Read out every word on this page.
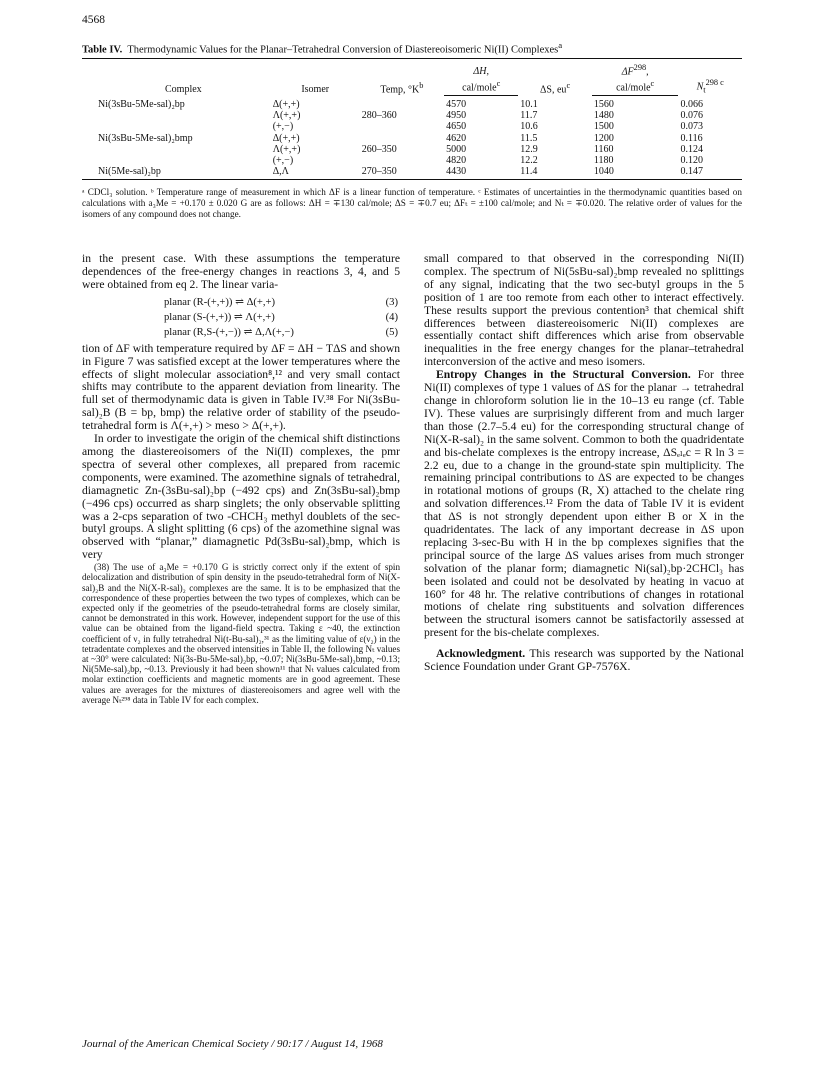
4568
Table IV. Thermodynamic Values for the Planar–Tetrahedral Conversion of Diastereoisomeric Ni(II) Complexes$^a$
Complex	Isomer	Temp, $^\circ K^b$	ΔH,	ΔS, $eu^c$	ΔF$^{298}$,	$N_t^{298 c}$
			cal/mole$^c$		cal/mole$^c$
Ni(3sBu-5Me-sal)₂bp	Δ(+,+)		4570	10.1	1560	0.066
	Λ(+,+)	280–360	4950	11.7	1480	0.076
	(+,−)		4650	10.6	1500	0.073
Ni(3sBu-5Me-sal)₂bmp	Δ(+,+)		4620	11.5	1200	0.116
	Λ(+,+)	260–350	5000	12.9	1160	0.124
	(+,−)		4820	12.2	1180	0.120
Ni(5Me-sal)₂bp	Δ,Λ	270–350	4430	11.4	1040	0.147
ᵃ CDCl₃ solution. ᵇ Temperature range of measurement in which ΔF is a linear function of temperature. ᶜ Estimates of uncertainties in the thermodynamic quantities based on calculations with a₃Me = +0.170 ± 0.020 G are as follows: ΔH = ∓130 cal/mole; ΔS = ∓0.7 eu; ΔFₜ = ±100 cal/mole; and Nₜ = ∓0.020. The relative order of values for the isomers of any compound does not change.

in the present case. With these assumptions the temperature dependences of the free-energy changes in reactions 3, 4, and 5 were obtained from eq 2. The linear varia-

planar (R-(+,+)) ⇌ Δ(+,+)	(3)
planar (S-(+,+)) ⇌ Λ(+,+)	(4)
planar (R,S-(+,−)) ⇌ Δ,Λ(+,−)	(5)

tion of ΔF with temperature required by ΔF = ΔH − TΔS and shown in Figure 7 was satisfied except at the lower temperatures where the effects of slight molecular association⁸,¹² and very small contact shifts may contribute to the apparent deviation from linearity. The full set of thermodynamic data is given in Table IV.³⁸ For Ni(3sBu-sal)₂B (B = bp, bmp) the relative order of stability of the pseudo-tetrahedral form is Λ(+,+) > meso > Δ(+,+).

In order to investigate the origin of the chemical shift distinctions among the diastereoisomers of the Ni(II) complexes, the pmr spectra of several other complexes, all prepared from racemic components, were examined. The azomethine signals of tetrahedral, diamagnetic Zn-(3sBu-sal)₂bp (−492 cps) and Zn(3sBu-sal)₂bmp (−496 cps) occurred as sharp singlets; the only observable splitting was a 2-cps separation of two -CHCH₃ methyl doublets of the sec-butyl groups. A slight splitting (6 cps) of the azomethine signal was observed with “planar,” diamagnetic Pd(3sBu-sal)₂bmp, which is very

(38) The use of a₃Me = +0.170 G is strictly correct only if the extent of spin delocalization and distribution of spin density in the pseudo-tetrahedral form of Ni(X-sal)₂B and the Ni(X-R-sal)₂ complexes are the same. It is to be emphasized that the correspondence of these properties between the two types of complexes, which can be expected only if the geometries of the pseudo-tetrahedral forms are closely similar, cannot be demonstrated in this work. However, independent support for the use of this value can be obtained from the ligand-field spectra. Taking ε ~40, the extinction coefficient of ν₂ in fully tetrahedral Ni(t-Bu-sal)₂,³¹ as the limiting value of ε(ν₂) in the tetradentate complexes and the observed intensities in Table II, the following Nₜ values at ~30° were calculated: Ni(3s-Bu-5Me-sal)₂bp, ~0.07; Ni(3sBu-5Me-sal)₂bmp, ~0.13; Ni(5Me-sal)₂bp, ~0.13. Previously it had been shown¹¹ that Nₜ values calculated from molar extinction coefficients and magnetic moments are in good agreement. These values are averages for the mixtures of diastereoisomers and agree well with the average Nₜ²⁹⁸ data in Table IV for each complex.

small compared to that observed in the corresponding Ni(II) complex. The spectrum of Ni(5sBu-sal)₂bmp revealed no splittings of any signal, indicating that the two sec-butyl groups in the 5 position of 1 are too remote from each other to interact effectively. These results support the previous contention³ that chemical shift differences between diastereoisomeric Ni(II) complexes are essentially contact shift differences which arise from observable inequalities in the free energy changes for the planar–tetrahedral interconversion of the active and meso isomers.

Entropy Changes in the Structural Conversion. For three Ni(II) complexes of type 1 values of ΔS for the planar → tetrahedral change in chloroform solution lie in the 10–13 eu range (cf. Table IV). These values are surprisingly different from and much larger than those (2.7–5.4 eu) for the corresponding structural change of Ni(X-R-sal)₂ in the same solvent. Common to both the quadridentate and bis-chelate complexes is the entropy increase, ΔSₑₗₑc = R ln 3 = 2.2 eu, due to a change in the ground-state spin multiplicity. The remaining principal contributions to ΔS are expected to be changes in rotational motions of groups (R, X) attached to the chelate ring and solvation differences.¹² From the data of Table IV it is evident that ΔS is not strongly dependent upon either B or X in the quadridentates. The lack of any important decrease in ΔS upon replacing 3-sec-Bu with H in the bp complexes signifies that the principal source of the large ΔS values arises from much stronger solvation of the planar form; diamagnetic Ni(sal)₂bp·2CHCl₃ has been isolated and could not be desolvated by heating in vacuo at 160° for 48 hr. The relative contributions of changes in rotational motions of chelate ring substituents and solvation differences between the structural isomers cannot be satisfactorily assessed at present for the bis-chelate complexes.

Acknowledgment. This research was supported by the National Science Foundation under Grant GP-7576X.

Journal of the American Chemical Society / 90:17 / August 14, 1968
